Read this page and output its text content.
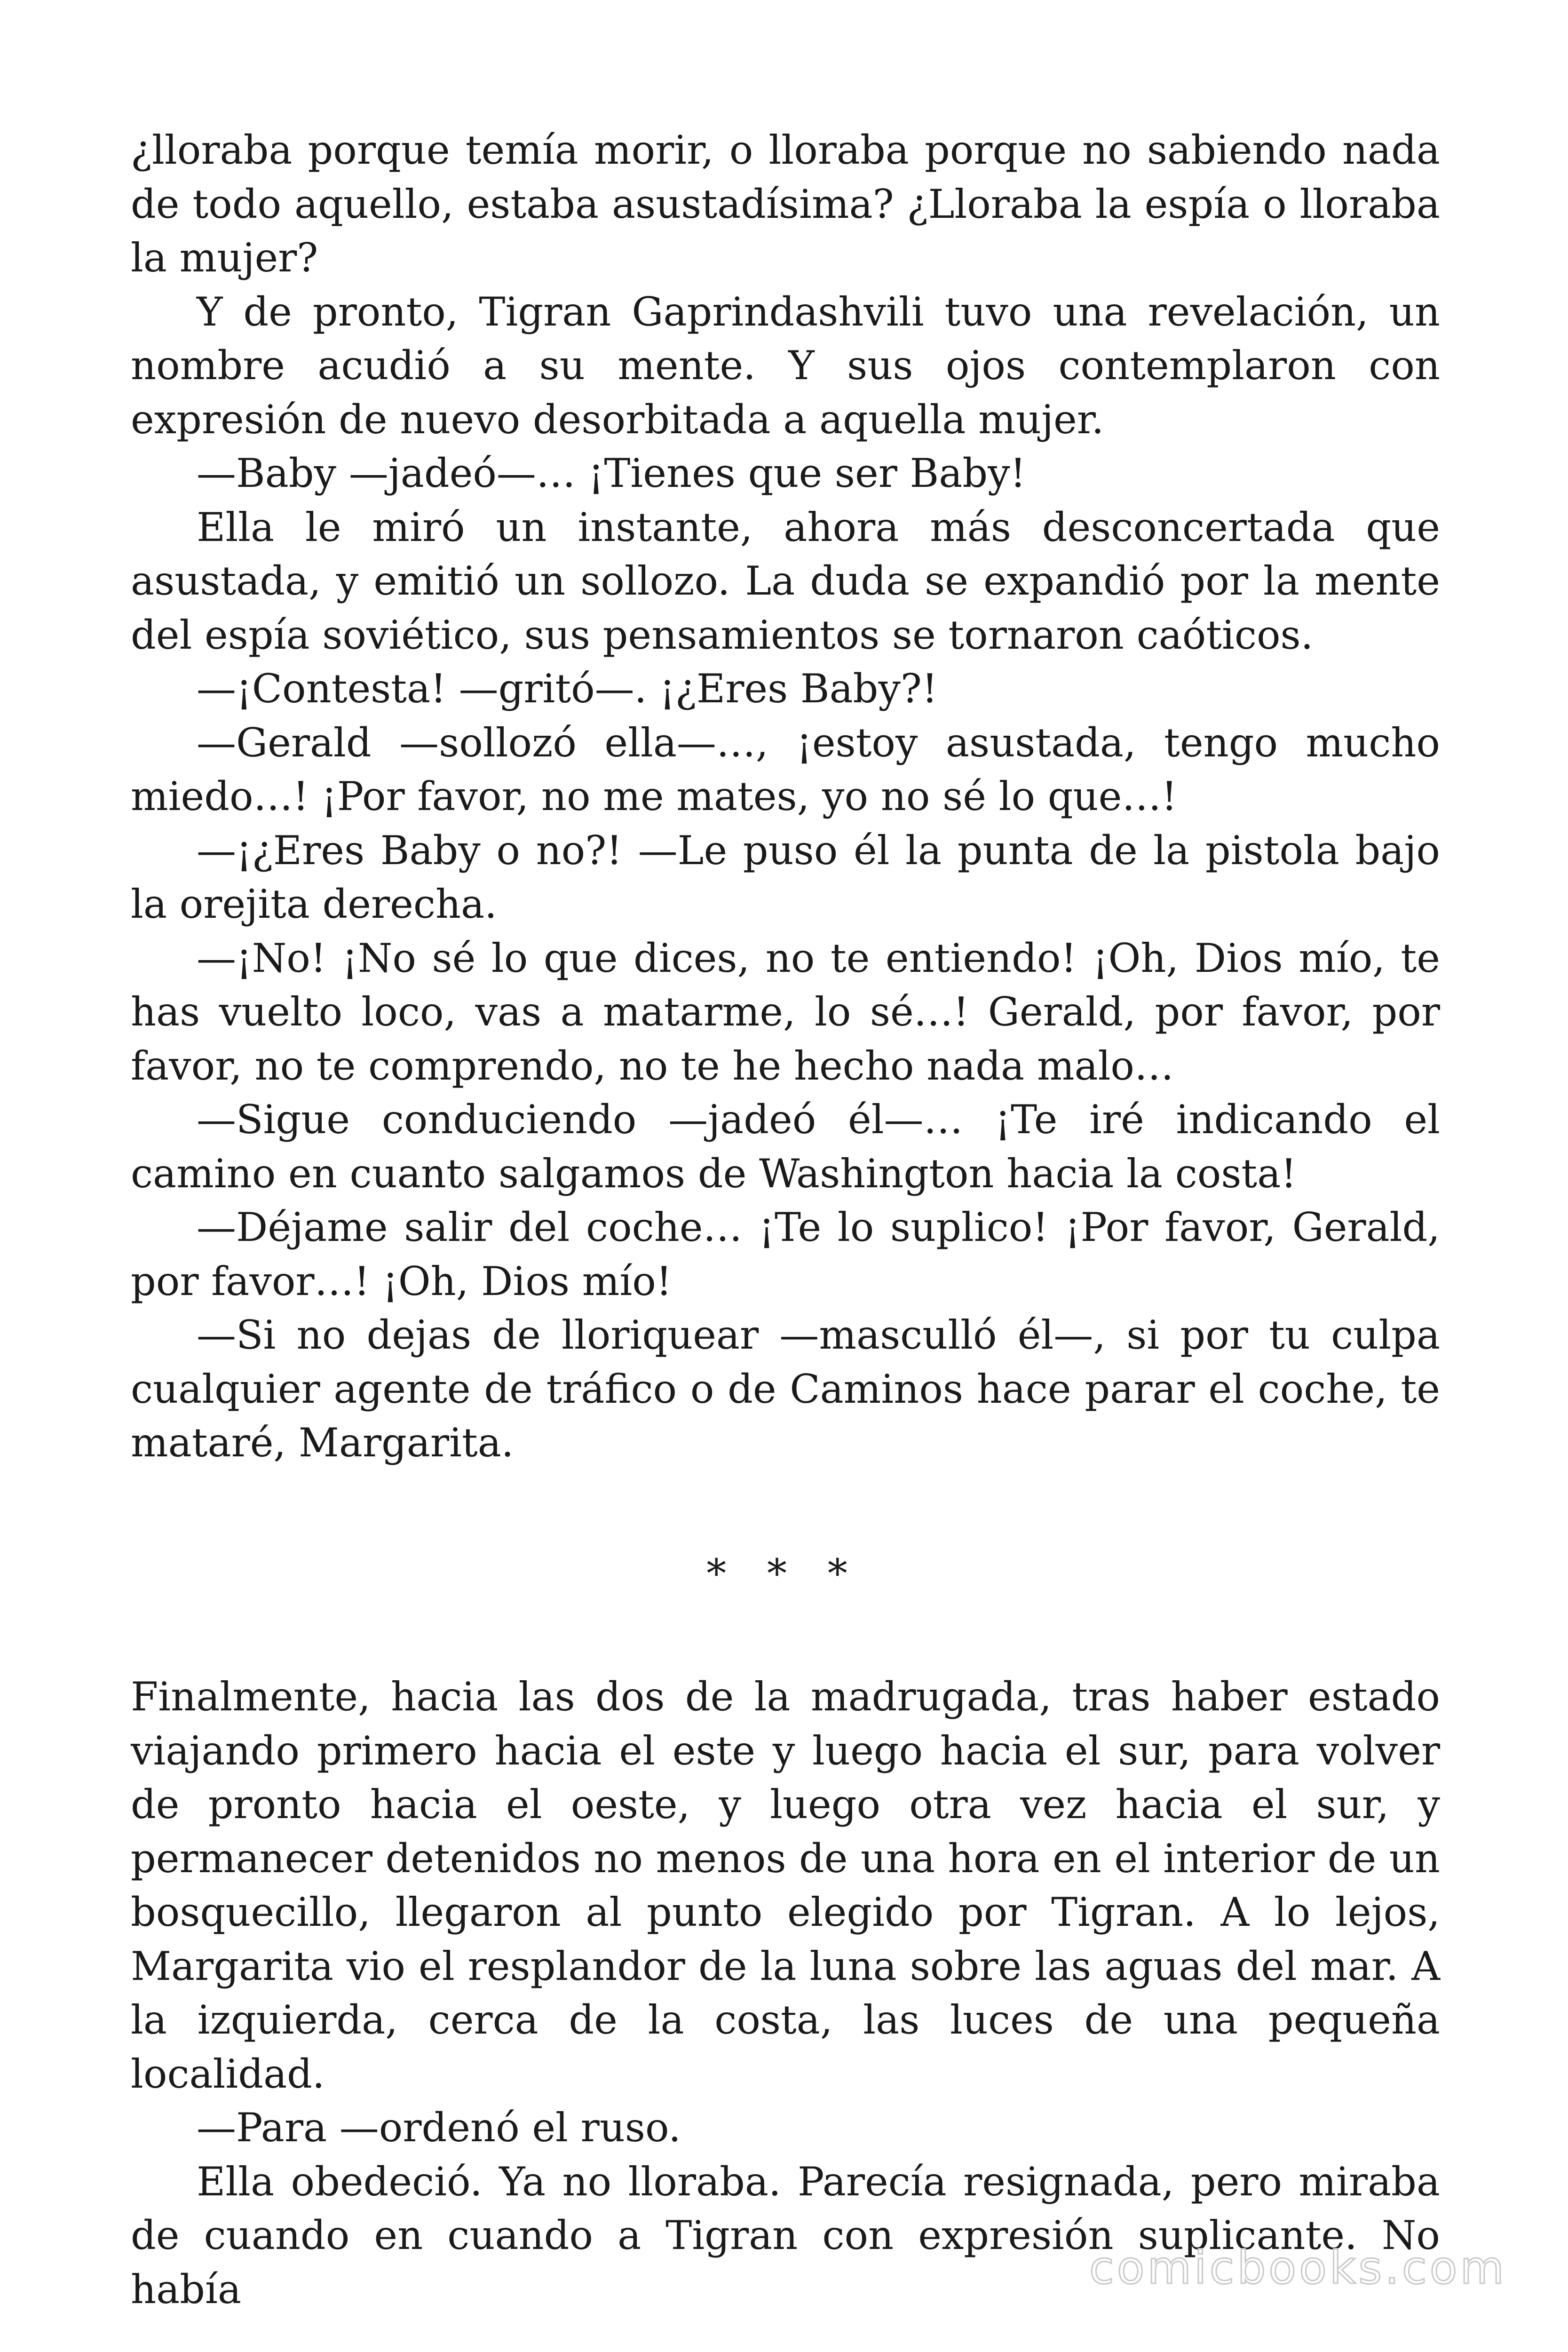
¿lloraba porque temía morir, o lloraba porque no sabiendo nada de todo aquello, estaba asustadísima? ¿Lloraba la espía o lloraba la mujer?

Y de pronto, Tigran Gaprindashvili tuvo una revelación, un nombre acudió a su mente. Y sus ojos contemplaron con expresión de nuevo desorbitada a aquella mujer.

—Baby —jadeó—… ¡Tienes que ser Baby!

Ella le miró un instante, ahora más desconcertada que asustada, y emitió un sollozo. La duda se expandió por la mente del espía soviético, sus pensamientos se tornaron caóticos.

—¡Contesta! —gritó—. ¡¿Eres Baby?!

—Gerald —sollozó ella—…, ¡estoy asustada, tengo mucho miedo…! ¡Por favor, no me mates, yo no sé lo que…!

—¡¿Eres Baby o no?! —Le puso él la punta de la pistola bajo la orejita derecha.

—¡No! ¡No sé lo que dices, no te entiendo! ¡Oh, Dios mío, te has vuelto loco, vas a matarme, lo sé…! Gerald, por favor, por favor, no te comprendo, no te he hecho nada malo…

—Sigue conduciendo —jadeó él—… ¡Te iré indicando el camino en cuanto salgamos de Washington hacia la costa!

—Déjame salir del coche… ¡Te lo suplico! ¡Por favor, Gerald, por favor…! ¡Oh, Dios mío!

—Si no dejas de lloriquear —masculló él—, si por tu culpa cualquier agente de tráfico o de Caminos hace parar el coche, te mataré, Margarita.

* * *

Finalmente, hacia las dos de la madrugada, tras haber estado viajando primero hacia el este y luego hacia el sur, para volver de pronto hacia el oeste, y luego otra vez hacia el sur, y permanecer detenidos no menos de una hora en el interior de un bosquecillo, llegaron al punto elegido por Tigran. A lo lejos, Margarita vio el resplandor de la luna sobre las aguas del mar. A la izquierda, cerca de la costa, las luces de una pequeña localidad.

—Para —ordenó el ruso.

Ella obedeció. Ya no lloraba. Parecía resignada, pero miraba de cuando en cuando a Tigran con expresión suplicante. No había	comicbooks.com
